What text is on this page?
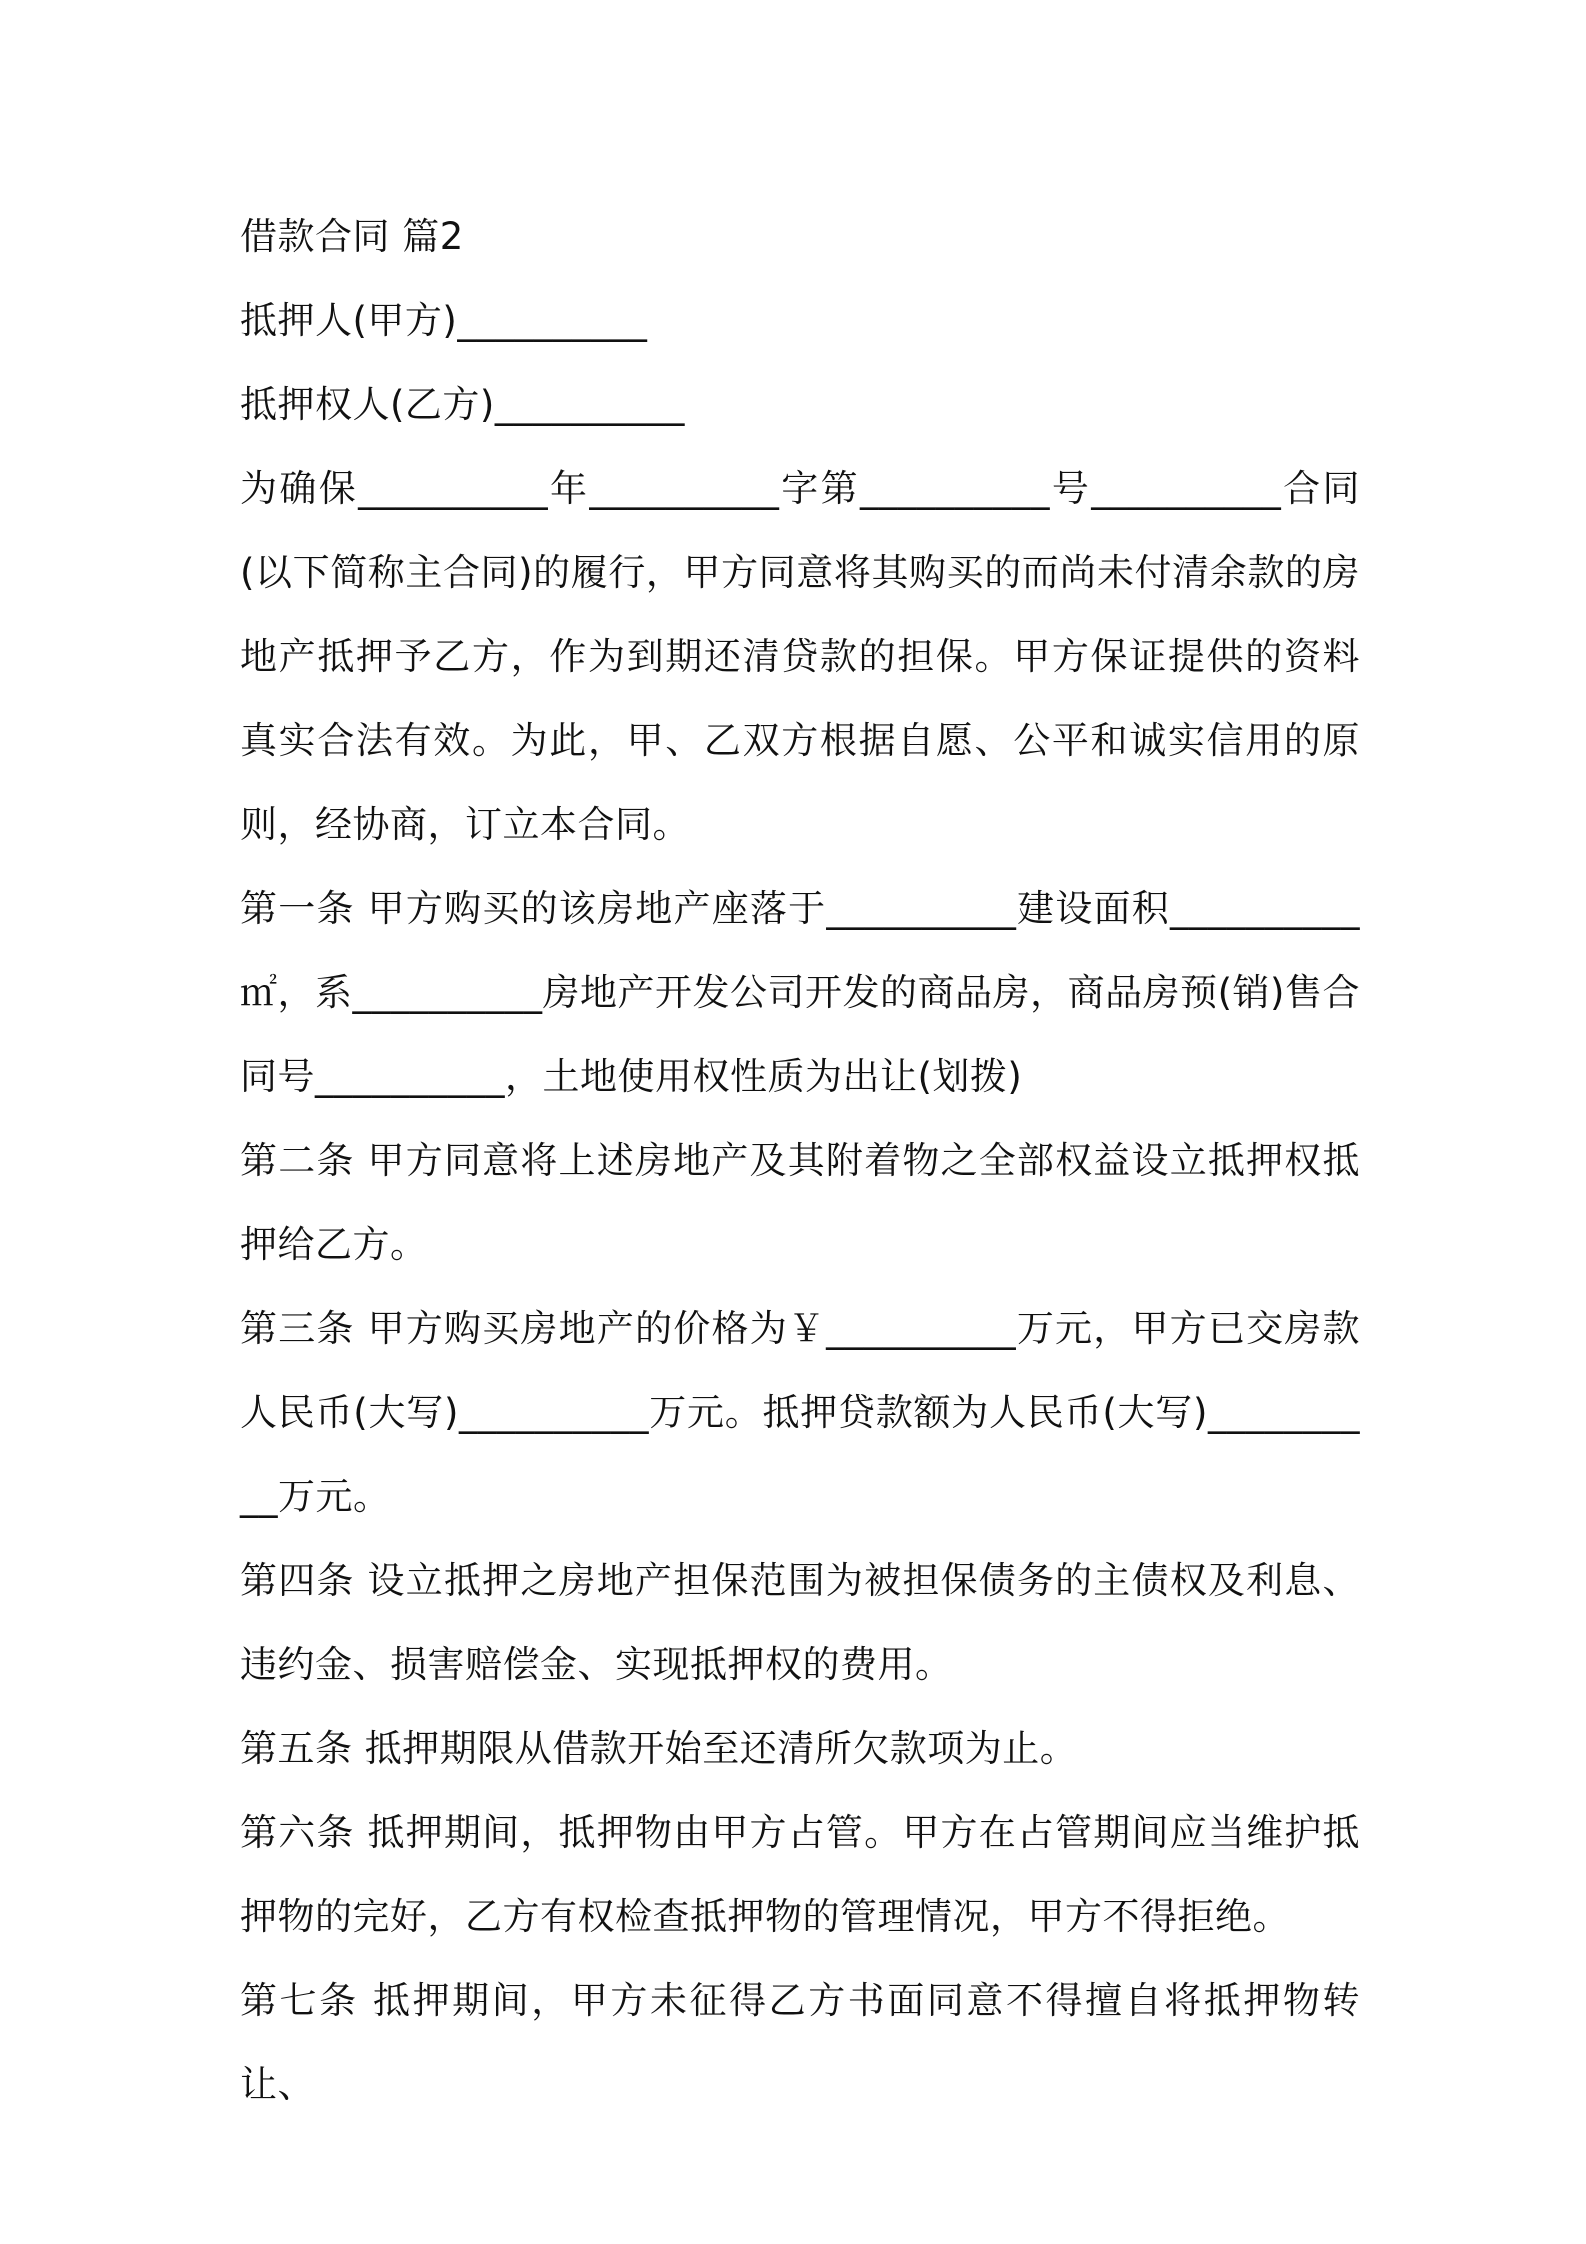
借款合同 篇2

抵押人(甲方)__________

抵押权人(乙方)__________

为确保__________年__________字第__________号__________合同(以下简称主合同)的履行，甲方同意将其购买的而尚未付清余款的房地产抵押予乙方，作为到期还清贷款的担保。甲方保证提供的资料真实合法有效。为此，甲、乙双方根据自愿、公平和诚实信用的原则，经协商，订立本合同。

第一条 甲方购买的该房地产座落于__________建设面积__________㎡，系__________房地产开发公司开发的商品房，商品房预(销)售合同号__________，土地使用权性质为出让(划拨)

第二条 甲方同意将上述房地产及其附着物之全部权益设立抵押权抵押给乙方。

第三条 甲方购买房地产的价格为￥__________万元，甲方已交房款人民币(大写)__________万元。抵押贷款额为人民币(大写)__________万元。

第四条 设立抵押之房地产担保范围为被担保债务的主债权及利息、违约金、损害赔偿金、实现抵押权的费用。

第五条 抵押期限从借款开始至还清所欠款项为止。

第六条 抵押期间，抵押物由甲方占管。甲方在占管期间应当维护抵押物的完好，乙方有权检查抵押物的管理情况，甲方不得拒绝。

第七条 抵押期间，甲方未征得乙方书面同意不得擅自将抵押物转让、
